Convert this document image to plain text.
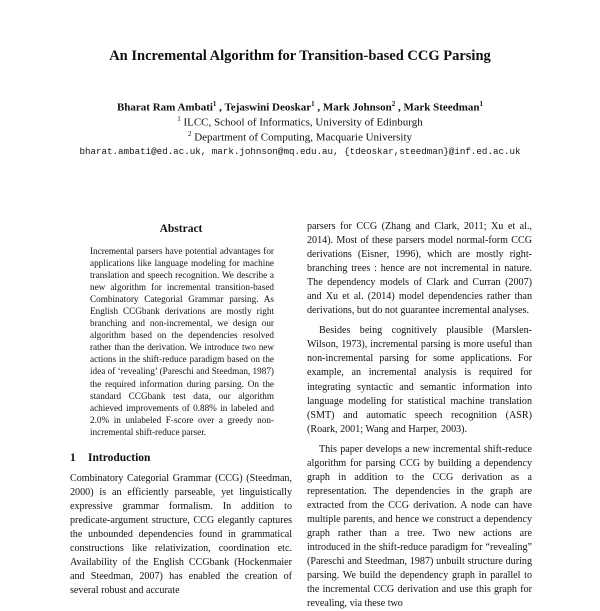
An Incremental Algorithm for Transition-based CCG Parsing
Bharat Ram Ambati$^1$ , Tejaswini Deoskar$^1$ , Mark Johnson$^2$ , Mark Steedman$^1$
$^1$ ILCC, School of Informatics, University of Edinburgh
$^2$ Department of Computing, Macquarie University
bharat.ambati@ed.ac.uk, mark.johnson@mq.edu.au, {tdeoskar,steedman}@inf.ed.ac.uk
Abstract
Incremental parsers have potential advantages for applications like language modeling for machine translation and speech recognition. We describe a new algorithm for incremental transition-based Combinatory Categorial Grammar parsing. As English CCGbank derivations are mostly right branching and non-incremental, we design our algorithm based on the dependencies resolved rather than the derivation. We introduce two new actions in the shift-reduce paradigm based on the idea of ‘revealing’ (Pareschi and Steedman, 1987) the required information during parsing. On the standard CCGbank test data, our algorithm achieved improvements of 0.88% in labeled and 2.0% in unlabeled F-score over a greedy non-incremental shift-reduce parser.
1 Introduction

Combinatory Categorial Grammar (CCG) (Steedman, 2000) is an efficiently parseable, yet linguistically expressive grammar formalism. In addition to predicate-argument structure, CCG elegantly captures the unbounded dependencies found in grammatical constructions like relativization, coordination etc. Availability of the English CCGbank (Hockenmaier and Steedman, 2007) has enabled the creation of several robust and accurate

parsers for CCG (Zhang and Clark, 2011; Xu et al., 2014). Most of these parsers model normal-form CCG derivations (Eisner, 1996), which are mostly right-branching trees : hence are not incremental in nature. The dependency models of Clark and Curran (2007) and Xu et al. (2014) model dependencies rather than derivations, but do not guarantee incremental analyses.

Besides being cognitively plausible (Marslen-Wilson, 1973), incremental parsing is more useful than non-incremental parsing for some applications. For example, an incremental analysis is required for integrating syntactic and semantic information into language modeling for statistical machine translation (SMT) and automatic speech recognition (ASR) (Roark, 2001; Wang and Harper, 2003).

This paper develops a new incremental shift-reduce algorithm for parsing CCG by building a dependency graph in addition to the CCG derivation as a representation. The dependencies in the graph are extracted from the CCG derivation. A node can have multiple parents, and hence we construct a dependency graph rather than a tree. Two new actions are introduced in the shift-reduce paradigm for “revealing” (Pareschi and Steedman, 1987) unbuilt structure during parsing. We build the dependency graph in parallel to the incremental CCG derivation and use this graph for revealing, via these two
